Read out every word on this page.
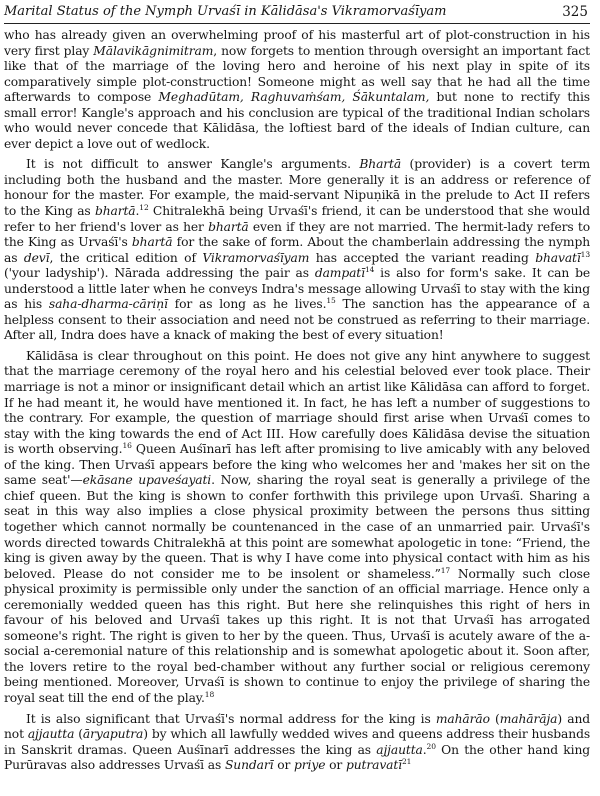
Marital Status of the Nymph Urvaśī in Kālidāsa's Vikramorvaśīyam	325

who has already given an overwhelming proof of his masterful art of plot-construction in his very first play Mālavikāgnimitram, now forgets to mention through oversight an important fact like that of the marriage of the loving hero and heroine of his next play in spite of its comparatively simple plot-construction! Someone might as well say that he had all the time afterwards to compose Meghadūtam, Raghuvaṁśam, Śākuntalam, but none to rectify this small error! Kangle's approach and his conclusion are typical of the traditional Indian scholars who would never concede that Kālidāsa, the loftiest bard of the ideals of Indian culture, can ever depict a love out of wedlock.

It is not difficult to answer Kangle's arguments. Bhartā (provider) is a covert term including both the husband and the master. More generally it is an address or reference of honour for the master. For example, the maid-servant Nipuṇikā in the prelude to Act II refers to the King as bhartā.$^{12}$ Chitralekhā being Urvaśī's friend, it can be understood that she would refer to her friend's lover as her bhartā even if they are not married. The hermit-lady refers to the King as Urvaśī's bhartā for the sake of form. About the chamberlain addressing the nymph as devī, the critical edition of Vikramorvaśīyam has accepted the variant reading bhavatī$^{13}$ ('your ladyship'). Nārada addressing the pair as dampatī$^{14}$ is also for form's sake. It can be understood a little later when he conveys Indra's message allowing Urvaśī to stay with the king as his saha-dharma-cāriṇī for as long as he lives.$^{15}$ The sanction has the appearance of a helpless consent to their association and need not be construed as referring to their marriage. After all, Indra does have a knack of making the best of every situation!

Kālidāsa is clear throughout on this point. He does not give any hint anywhere to suggest that the marriage ceremony of the royal hero and his celestial beloved ever took place. Their marriage is not a minor or insignificant detail which an artist like Kālidāsa can afford to forget. If he had meant it, he would have mentioned it. In fact, he has left a number of suggestions to the contrary. For example, the question of marriage should first arise when Urvaśī comes to stay with the king towards the end of Act III. How carefully does Kālidāsa devise the situation is worth observing.$^{16}$ Queen Auśīnarī has left after promising to live amicably with any beloved of the king. Then Urvaśī appears before the king who welcomes her and 'makes her sit on the same seat'—ekāsane upaveśayati. Now, sharing the royal seat is generally a privilege of the chief queen. But the king is shown to confer forthwith this privilege upon Urvaśī. Sharing a seat in this way also implies a close physical proximity between the persons thus sitting together which cannot normally be countenanced in the case of an unmarried pair. Urvaśī's words directed towards Chitralekhā at this point are somewhat apologetic in tone: “Friend, the king is given away by the queen. That is why I have come into physical contact with him as his beloved. Please do not consider me to be insolent or shameless.”$^{17}$ Normally such close physical proximity is permissible only under the sanction of an official marriage. Hence only a ceremonially wedded queen has this right. But here she relinquishes this right of hers in favour of his beloved and Urvaśī takes up this right. It is not that Urvaśī has arrogated someone's right. The right is given to her by the queen. Thus, Urvaśī is acutely aware of the a-social a-ceremonial nature of this relationship and is somewhat apologetic about it. Soon after, the lovers retire to the royal bed-chamber without any further social or religious ceremony being mentioned. Moreover, Urvaśī is shown to continue to enjoy the privilege of sharing the royal seat till the end of the play.$^{18}$

It is also significant that Urvaśī's normal address for the king is mahārāo (mahārāja) and not ajjautta (āryaputra) by which all lawfully wedded wives and queens address their husbands in Sanskrit dramas. Queen Auśīnarī addresses the king as ajjautta.$^{20}$ On the other hand king Purūravas also addresses Urvaśī as Sundarī or priye or putravatī$^{21}$
